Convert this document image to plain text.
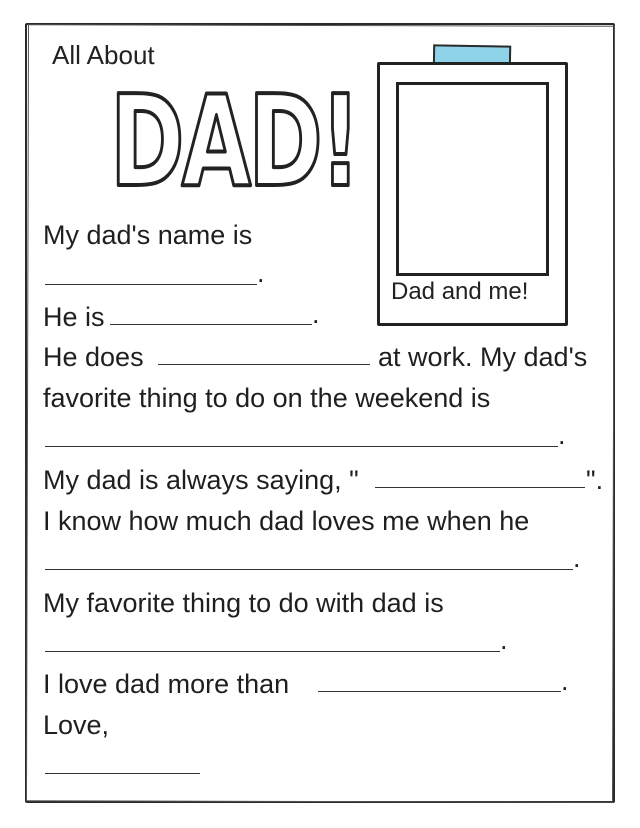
All About
DAD!
Dad and me!
My dad's name is
.
He is	.
He does	at work. My dad's
favorite thing to do on the weekend is
.
My dad is always saying, "	".
I know how much dad loves me when he
.
My favorite thing to do with dad is
.
I love dad more than	.
Love,
